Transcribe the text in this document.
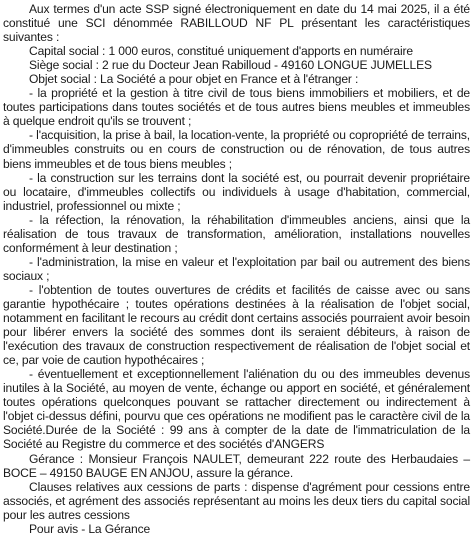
Aux termes d'un acte SSP signé électroniquement en date du 14 mai 2025, il a été constitué une SCI dénommée RABILLOUD NF PL présentant les caractéristiques suivantes :

Capital social : 1 000 euros, constitué uniquement d'apports en numéraire

Siège social : 2 rue du Docteur Jean Rabilloud - 49160 LONGUE JUMELLES

Objet social : La Société a pour objet en France et à l'étranger :

- la propriété et la gestion à titre civil de tous biens immobiliers et mobiliers, et de toutes participations dans toutes sociétés et de tous autres biens meubles et immeubles à quelque endroit qu'ils se trouvent ;

- l'acquisition, la prise à bail, la location-vente, la propriété ou copropriété de terrains, d'immeubles construits ou en cours de construction ou de rénovation, de tous autres biens immeubles et de tous biens meubles ;

- la construction sur les terrains dont la société est, ou pourrait devenir propriétaire ou locataire, d'immeubles collectifs ou individuels à usage d'habitation, commercial, industriel, professionnel ou mixte ;

- la réfection, la rénovation, la réhabilitation d'immeubles anciens, ainsi que la réalisation de tous travaux de transformation, amélioration, installations nouvelles conformément à leur destination ;

- l'administration, la mise en valeur et l'exploitation par bail ou autrement des biens sociaux ;

- l'obtention de toutes ouvertures de crédits et facilités de caisse avec ou sans garantie hypothécaire ; toutes opérations destinées à la réalisation de l'objet social, notamment en facilitant le recours au crédit dont certains associés pourraient avoir besoin pour libérer envers la société des sommes dont ils seraient débiteurs, à raison de l'exécution des travaux de construction respectivement de réalisation de l'objet social et ce, par voie de caution hypothécaires ;

- éventuellement et exceptionnellement l'aliénation du ou des immeubles devenus inutiles à la Société, au moyen de vente, échange ou apport en société, et généralement toutes opérations quelconques pouvant se rattacher directement ou indirectement à l'objet ci-dessus défini, pourvu que ces opérations ne modifient pas le caractère civil de la Société.Durée de la Société : 99 ans à compter de la date de l'immatriculation de la Société au Registre du commerce et des sociétés d'ANGERS

Gérance : Monsieur François NAULET, demeurant 222 route des Herbaudaies – BOCE – 49150 BAUGE EN ANJOU, assure la gérance.

Clauses relatives aux cessions de parts : dispense d'agrément pour cessions entre associés, et agrément des associés représentant au moins les deux tiers du capital social pour les autres cessions

Pour avis - La Gérance
